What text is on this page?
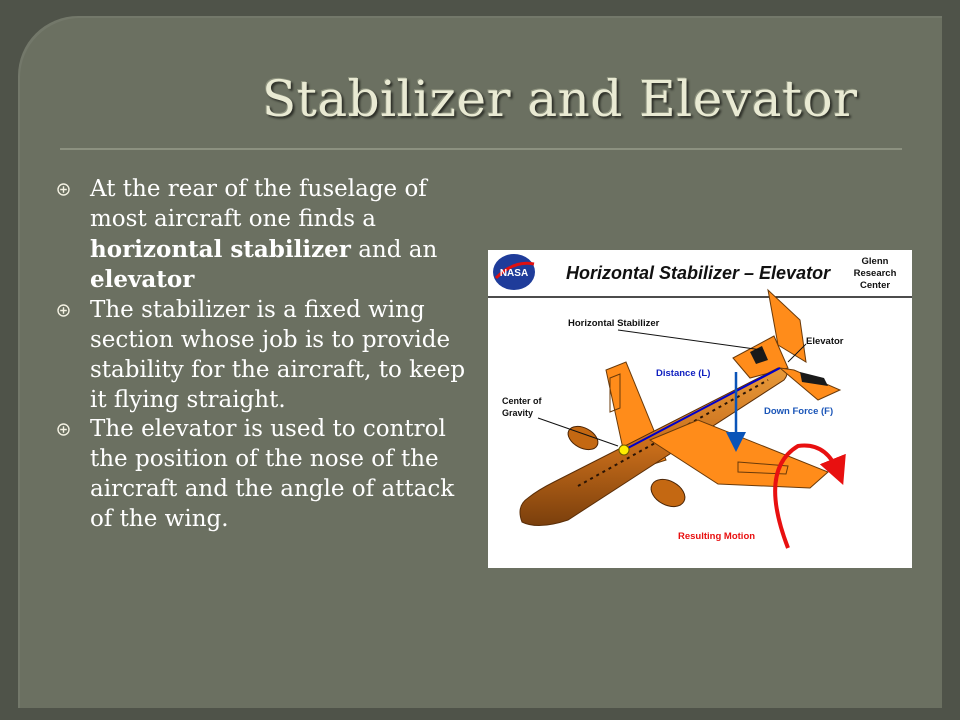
Stabilizer and Elevator
At the rear of the fuselage of most aircraft one finds a horizontal stabilizer and an elevator
The stabilizer is a fixed wing section whose job is to provide stability for the aircraft, to keep it flying straight.
The elevator is used to control the position of the nose of the aircraft and the angle of attack of the wing.
NASA Horizontal Stabilizer – Elevator
Glenn
Research
Center
Horizontal Stabilizer
Elevator
Distance (L)
Down Force (F)
Center of
Gravity
Resulting Motion
